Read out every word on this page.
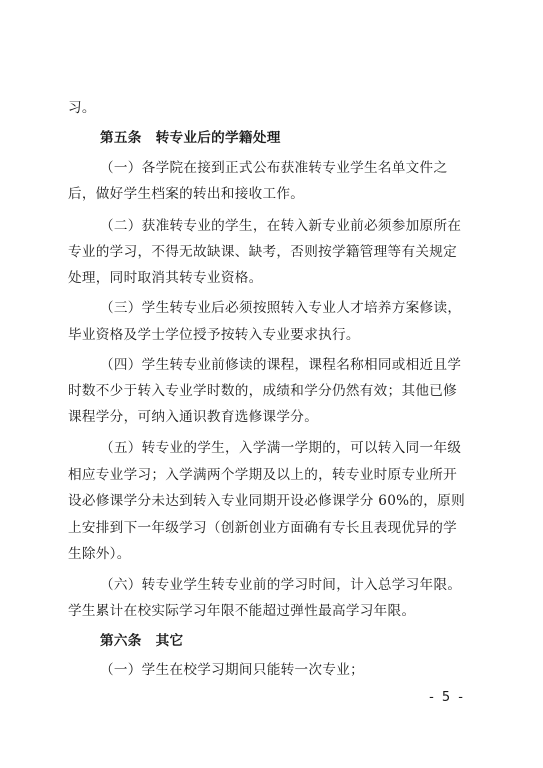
习。
第五条　转专业后的学籍处理
（一）各学院在接到正式公布获准转专业学生名单文件之
后，做好学生档案的转出和接收工作。
（二）获准转专业的学生，在转入新专业前必须参加原所在
专业的学习，不得无故缺课、缺考，否则按学籍管理等有关规定
处理，同时取消其转专业资格。
（三）学生转专业后必须按照转入专业人才培养方案修读，
毕业资格及学士学位授予按转入专业要求执行。
（四）学生转专业前修读的课程，课程名称相同或相近且学
时数不少于转入专业学时数的，成绩和学分仍然有效；其他已修
课程学分，可纳入通识教育选修课学分。
（五）转专业的学生，入学满一学期的，可以转入同一年级
相应专业学习；入学满两个学期及以上的，转专业时原专业所开
设必修课学分未达到转入专业同期开设必修课学分 60%的，原则
上安排到下一年级学习（创新创业方面确有专长且表现优异的学
生除外）。
（六）转专业学生转专业前的学习时间，计入总学习年限。
学生累计在校实际学习年限不能超过弹性最高学习年限。
第六条　其它
（一）学生在校学习期间只能转一次专业；
- 5 -
